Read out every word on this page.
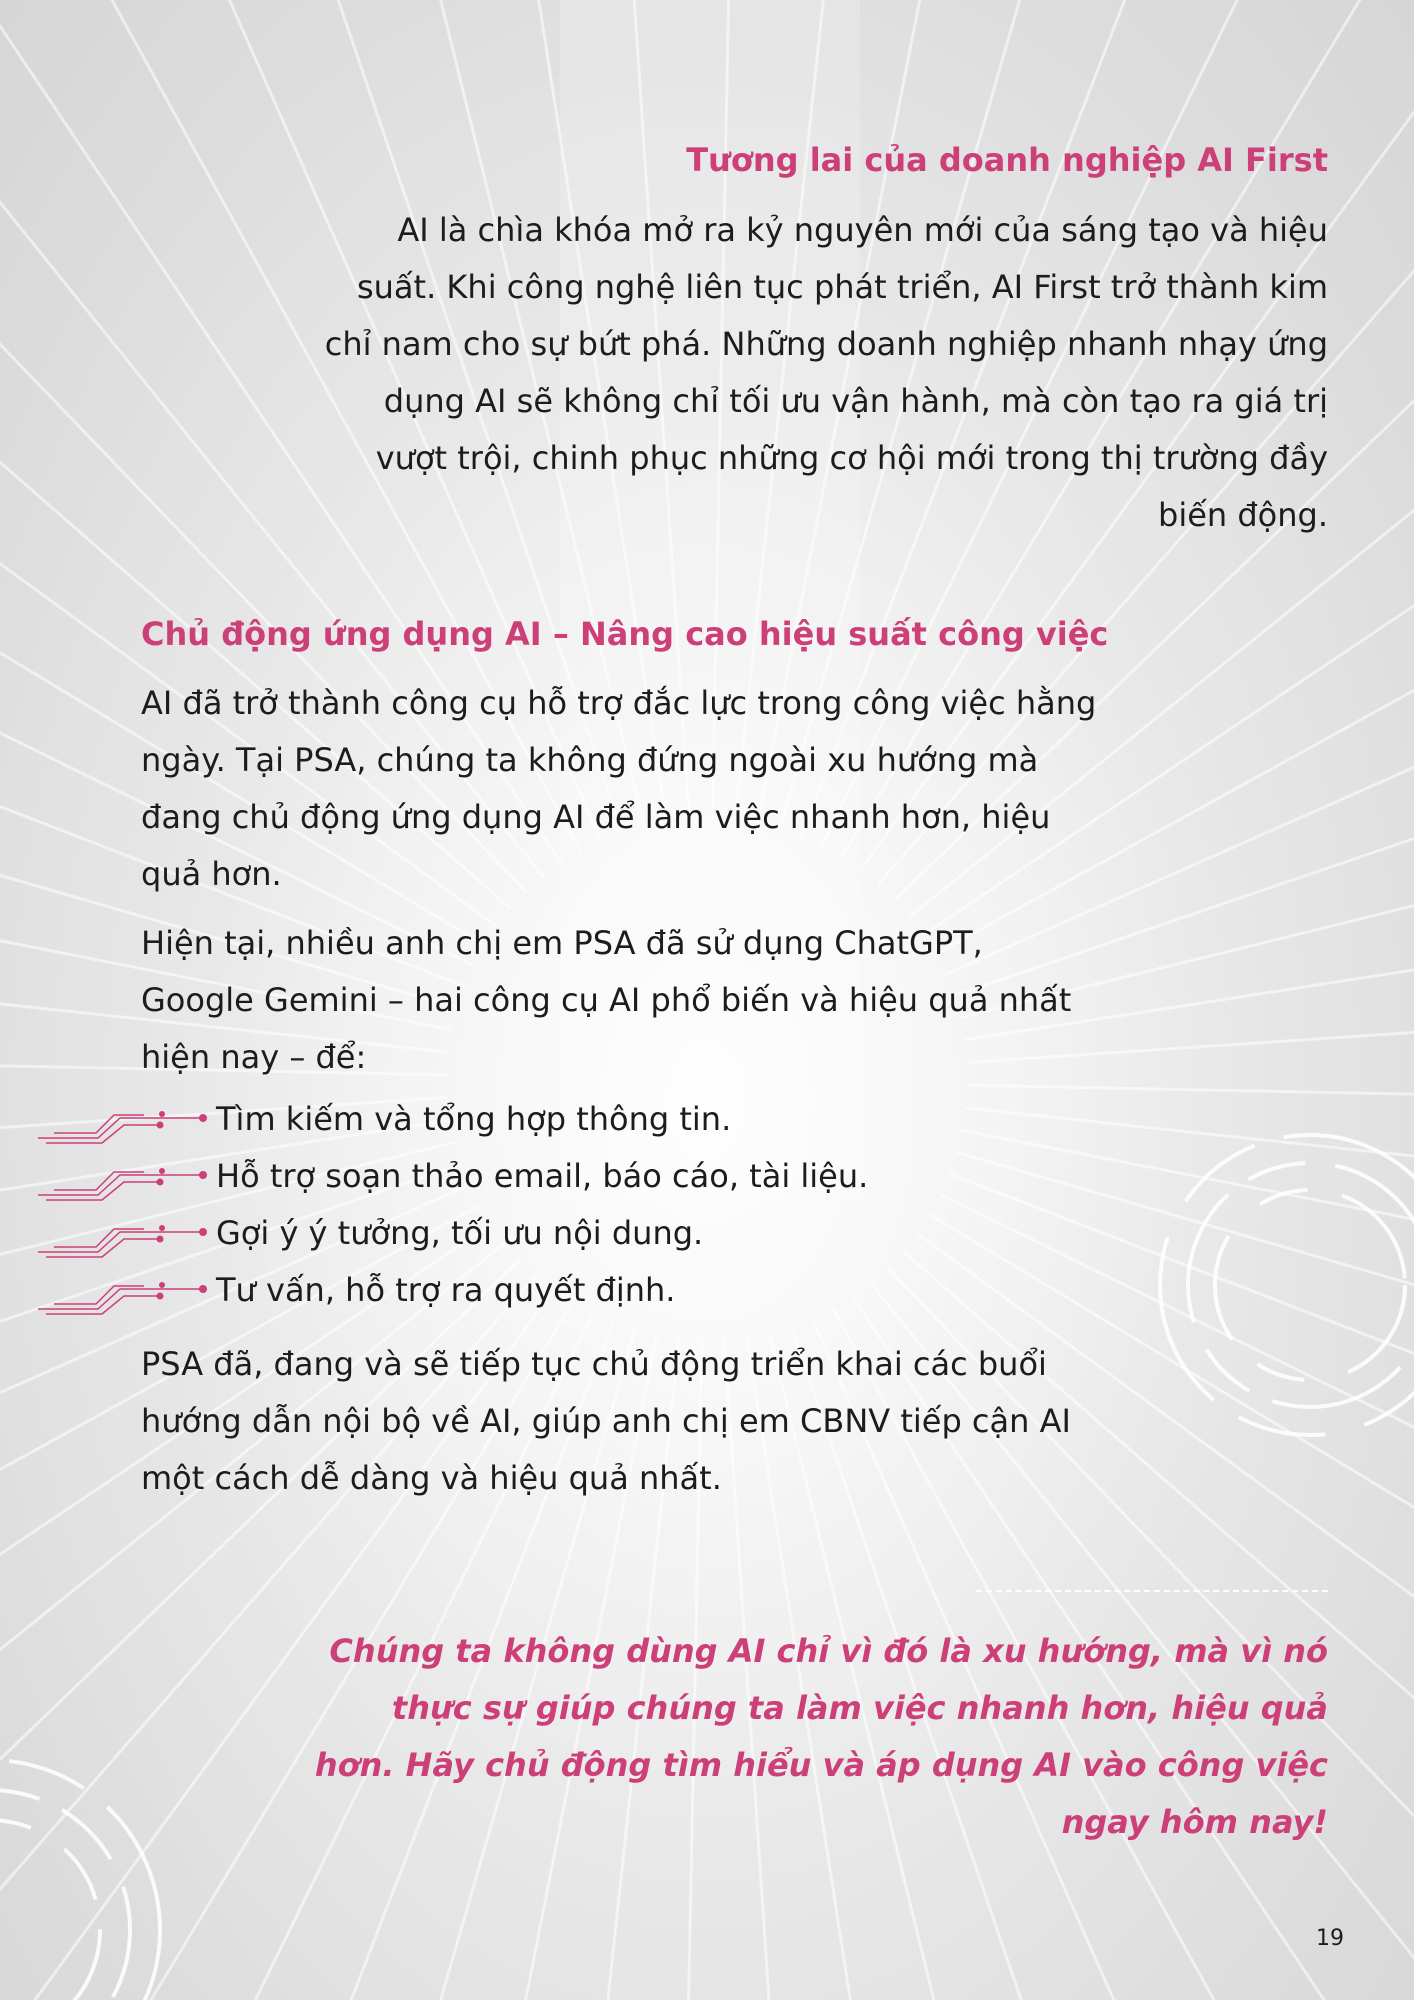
Tương lai của doanh nghiệp AI First

AI là chìa khóa mở ra kỷ nguyên mới của sáng tạo và hiệu suất. Khi công nghệ liên tục phát triển, AI First trở thành kim chỉ nam cho sự bứt phá. Những doanh nghiệp nhanh nhạy ứng dụng AI sẽ không chỉ tối ưu vận hành, mà còn tạo ra giá trị vượt trội, chinh phục những cơ hội mới trong thị trường đầy biến động.

Chủ động ứng dụng AI – Nâng cao hiệu suất công việc

AI đã trở thành công cụ hỗ trợ đắc lực trong công việc hằng ngày. Tại PSA, chúng ta không đứng ngoài xu hướng mà đang chủ động ứng dụng AI để làm việc nhanh hơn, hiệu quả hơn.

Hiện tại, nhiều anh chị em PSA đã sử dụng ChatGPT, Google Gemini – hai công cụ AI phổ biến và hiệu quả nhất hiện nay – để:

Tìm kiếm và tổng hợp thông tin.
Hỗ trợ soạn thảo email, báo cáo, tài liệu.
Gợi ý ý tưởng, tối ưu nội dung.
Tư vấn, hỗ trợ ra quyết định.

PSA đã, đang và sẽ tiếp tục chủ động triển khai các buổi hướng dẫn nội bộ về AI, giúp anh chị em CBNV tiếp cận AI một cách dễ dàng và hiệu quả nhất.

Chúng ta không dùng AI chỉ vì đó là xu hướng, mà vì nó thực sự giúp chúng ta làm việc nhanh hơn, hiệu quả hơn. Hãy chủ động tìm hiểu và áp dụng AI vào công việc ngay hôm nay!

19
